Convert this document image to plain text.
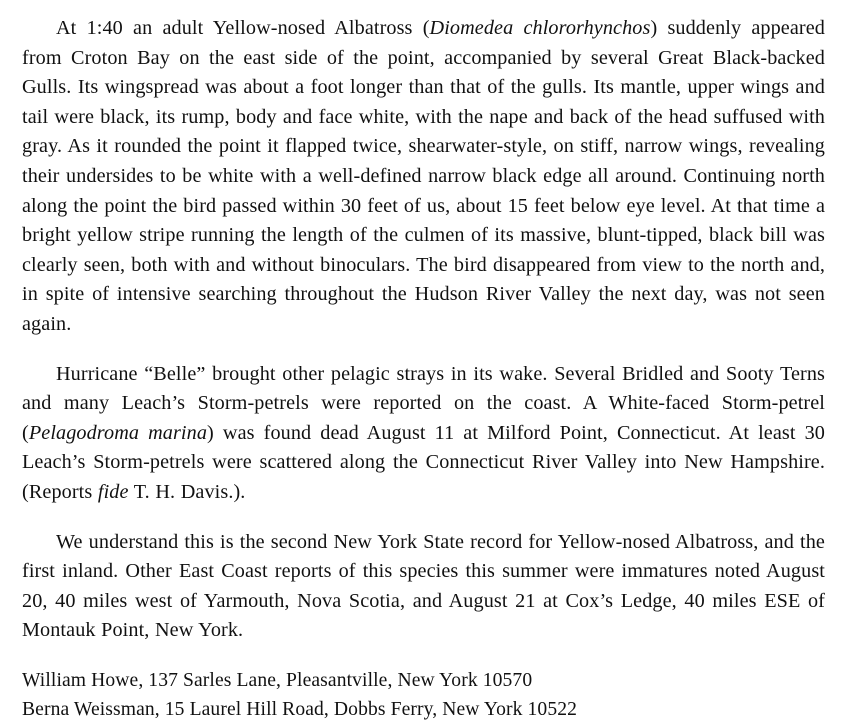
At 1:40 an adult Yellow-nosed Albatross (Diomedea chlororhynchos) suddenly appeared from Croton Bay on the east side of the point, accompanied by several Great Black-backed Gulls. Its wingspread was about a foot longer than that of the gulls. Its mantle, upper wings and tail were black, its rump, body and face white, with the nape and back of the head suffused with gray. As it rounded the point it flapped twice, shearwater-style, on stiff, narrow wings, revealing their undersides to be white with a well-defined narrow black edge all around. Continuing north along the point the bird passed within 30 feet of us, about 15 feet below eye level. At that time a bright yellow stripe running the length of the culmen of its massive, blunt-tipped, black bill was clearly seen, both with and without binoculars. The bird disappeared from view to the north and, in spite of intensive searching throughout the Hudson River Valley the next day, was not seen again.

Hurricane “Belle” brought other pelagic strays in its wake. Several Bridled and Sooty Terns and many Leach’s Storm-petrels were reported on the coast. A White-faced Storm-petrel (Pelagodroma marina) was found dead August 11 at Milford Point, Connecticut. At least 30 Leach’s Storm-petrels were scattered along the Connecticut River Valley into New Hampshire. (Reports fide T. H. Davis.).

We understand this is the second New York State record for Yellow-nosed Albatross, and the first inland. Other East Coast reports of this species this summer were immatures noted August 20, 40 miles west of Yarmouth, Nova Scotia, and August 21 at Cox’s Ledge, 40 miles ESE of Montauk Point, New York.

William Howe, 137 Sarles Lane, Pleasantville, New York 10570

Berna Weissman, 15 Laurel Hill Road, Dobbs Ferry, New York 10522
